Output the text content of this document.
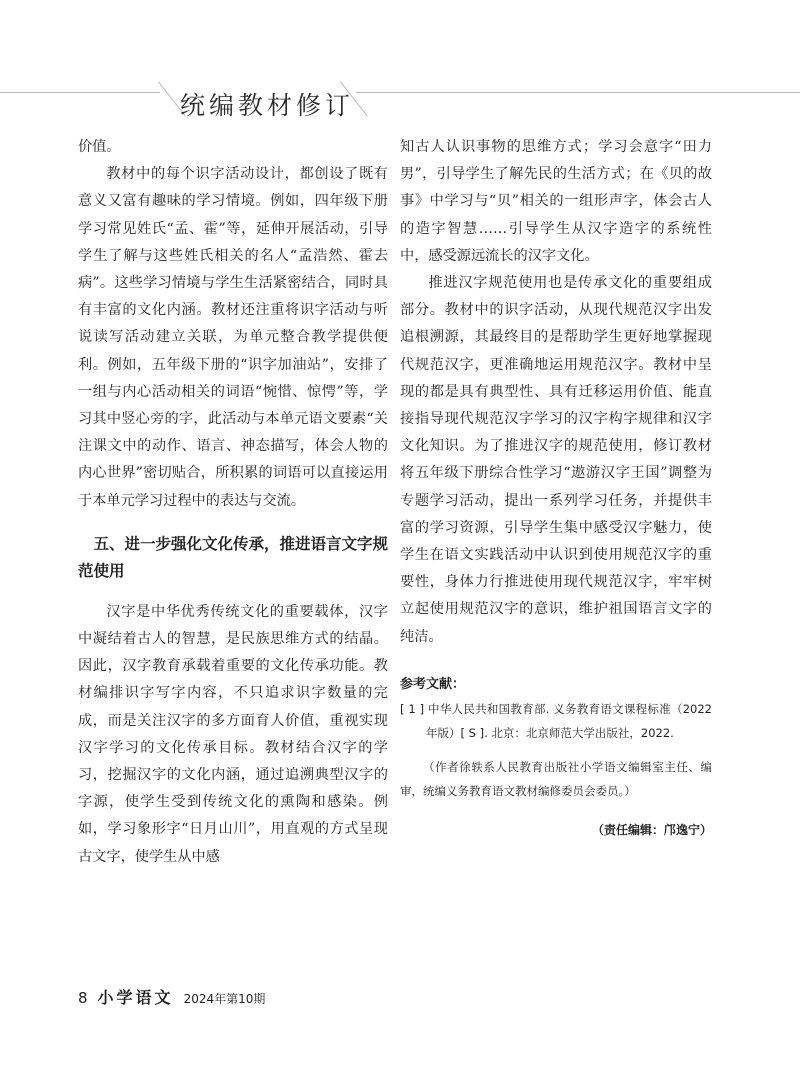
统编教材修订

价值。

教材中的每个识字活动设计，都创设了既有意义又富有趣味的学习情境。例如，四年级下册学习常见姓氏“孟、霍”等，延伸开展活动，引导学生了解与这些姓氏相关的名人“孟浩然、霍去病”。这些学习情境与学生生活紧密结合，同时具有丰富的文化内涵。教材还注重将识字活动与听说读写活动建立关联，为单元整合教学提供便利。例如，五年级下册的“识字加油站”，安排了一组与内心活动相关的词语“惋惜、惊愕”等，学习其中竖心旁的字，此活动与本单元语文要素“关注课文中的动作、语言、神态描写，体会人物的内心世界”密切贴合，所积累的词语可以直接运用于本单元学习过程中的表达与交流。

五、进一步强化文化传承，推进语言文字规范使用

汉字是中华优秀传统文化的重要载体，汉字中凝结着古人的智慧，是民族思维方式的结晶。因此，汉字教育承载着重要的文化传承功能。教材编排识字写字内容，不只追求识字数量的完成，而是关注汉字的多方面育人价值，重视实现汉字学习的文化传承目标。教材结合汉字的学习，挖掘汉字的文化内涵，通过追溯典型汉字的字源，使学生受到传统文化的熏陶和感染。例如，学习象形字“日月山川”，用直观的方式呈现古文字，使学生从中感

知古人认识事物的思维方式；学习会意字“田力男”，引导学生了解先民的生活方式；在《贝的故事》中学习与“贝”相关的一组形声字，体会古人的造字智慧……引导学生从汉字造字的系统性中，感受源远流长的汉字文化。

推进汉字规范使用也是传承文化的重要组成部分。教材中的识字活动，从现代规范汉字出发追根溯源，其最终目的是帮助学生更好地掌握现代规范汉字，更准确地运用规范汉字。教材中呈现的都是具有典型性、具有迁移运用价值、能直接指导现代规范汉字学习的汉字构字规律和汉字文化知识。为了推进汉字的规范使用，修订教材将五年级下册综合性学习“遨游汉字王国”调整为专题学习活动，提出一系列学习任务，并提供丰富的学习资源，引导学生集中感受汉字魅力，使学生在语文实践活动中认识到使用规范汉字的重要性，身体力行推进使用现代规范汉字，牢牢树立起使用规范汉字的意识，维护祖国语言文字的纯洁。

参考文献：

[ 1 ] 中华人民共和国教育部. 义务教育语文课程标准（2022年版）[ S ]. 北京：北京师范大学出版社，2022.

（作者徐轶系人民教育出版社小学语文编辑室主任、编审，统编义务教育语文教材编修委员会委员。）

（责任编辑：邝逸宁）

8 小学语文 2024年第10期
